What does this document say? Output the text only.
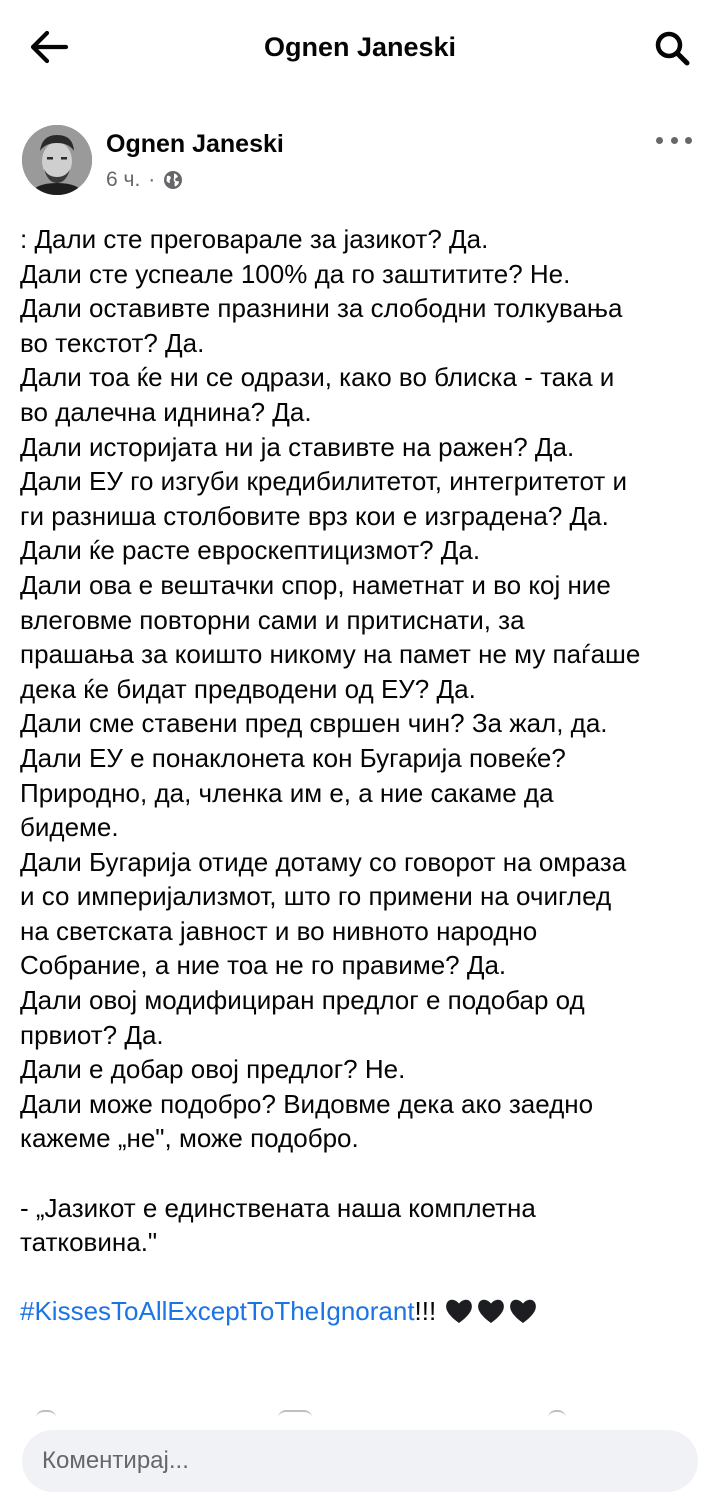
Ognen Janeski
Ognen Janeski
6 ч. ·
: Дали сте преговарале за јазикот? Да.
Дали сте успеале 100% да го заштитите? Не.
Дали оставивте празнини за слободни толкувања
во текстот? Да.
Дали тоа ќе ни се одрази, како во блиска - така и
во далечна иднина? Да.
Дали историјата ни ја ставивте на ражен? Да.
Дали ЕУ го изгуби кредибилитетот, интегритетот и
ги разниша столбовите врз кои е изградена? Да.
Дали ќе расте евроскептицизмот? Да.
Дали ова е вештачки спор, наметнат и во кој ние
влеговме повторни сами и притиснати, за
прашања за коишто никому на памет не му паѓаше
дека ќе бидат предводени од ЕУ? Да.
Дали сме ставени пред свршен чин? За жал, да.
Дали ЕУ е понаклонета кон Бугарија повеќе?
Природно, да, членка им е, а ние сакаме да
бидеме.
Дали Бугарија отиде дотаму со говорот на омраза
и со империјализмот, што го примени на очиглед
на светската јавност и во нивното народно
Собрание, а ние тоа не го правиме? Да.
Дали овој модифициран предлог е подобар од
првиот? Да.
Дали е добар овој предлог? Не.
Дали може подобро? Видовме дека ако заедно
кажеме „не", може подобро.
- „Јазикот е единствената наша комплетна
татковина."
#KissesToAllExceptToTheIgnorant!!!
Коментирај...
